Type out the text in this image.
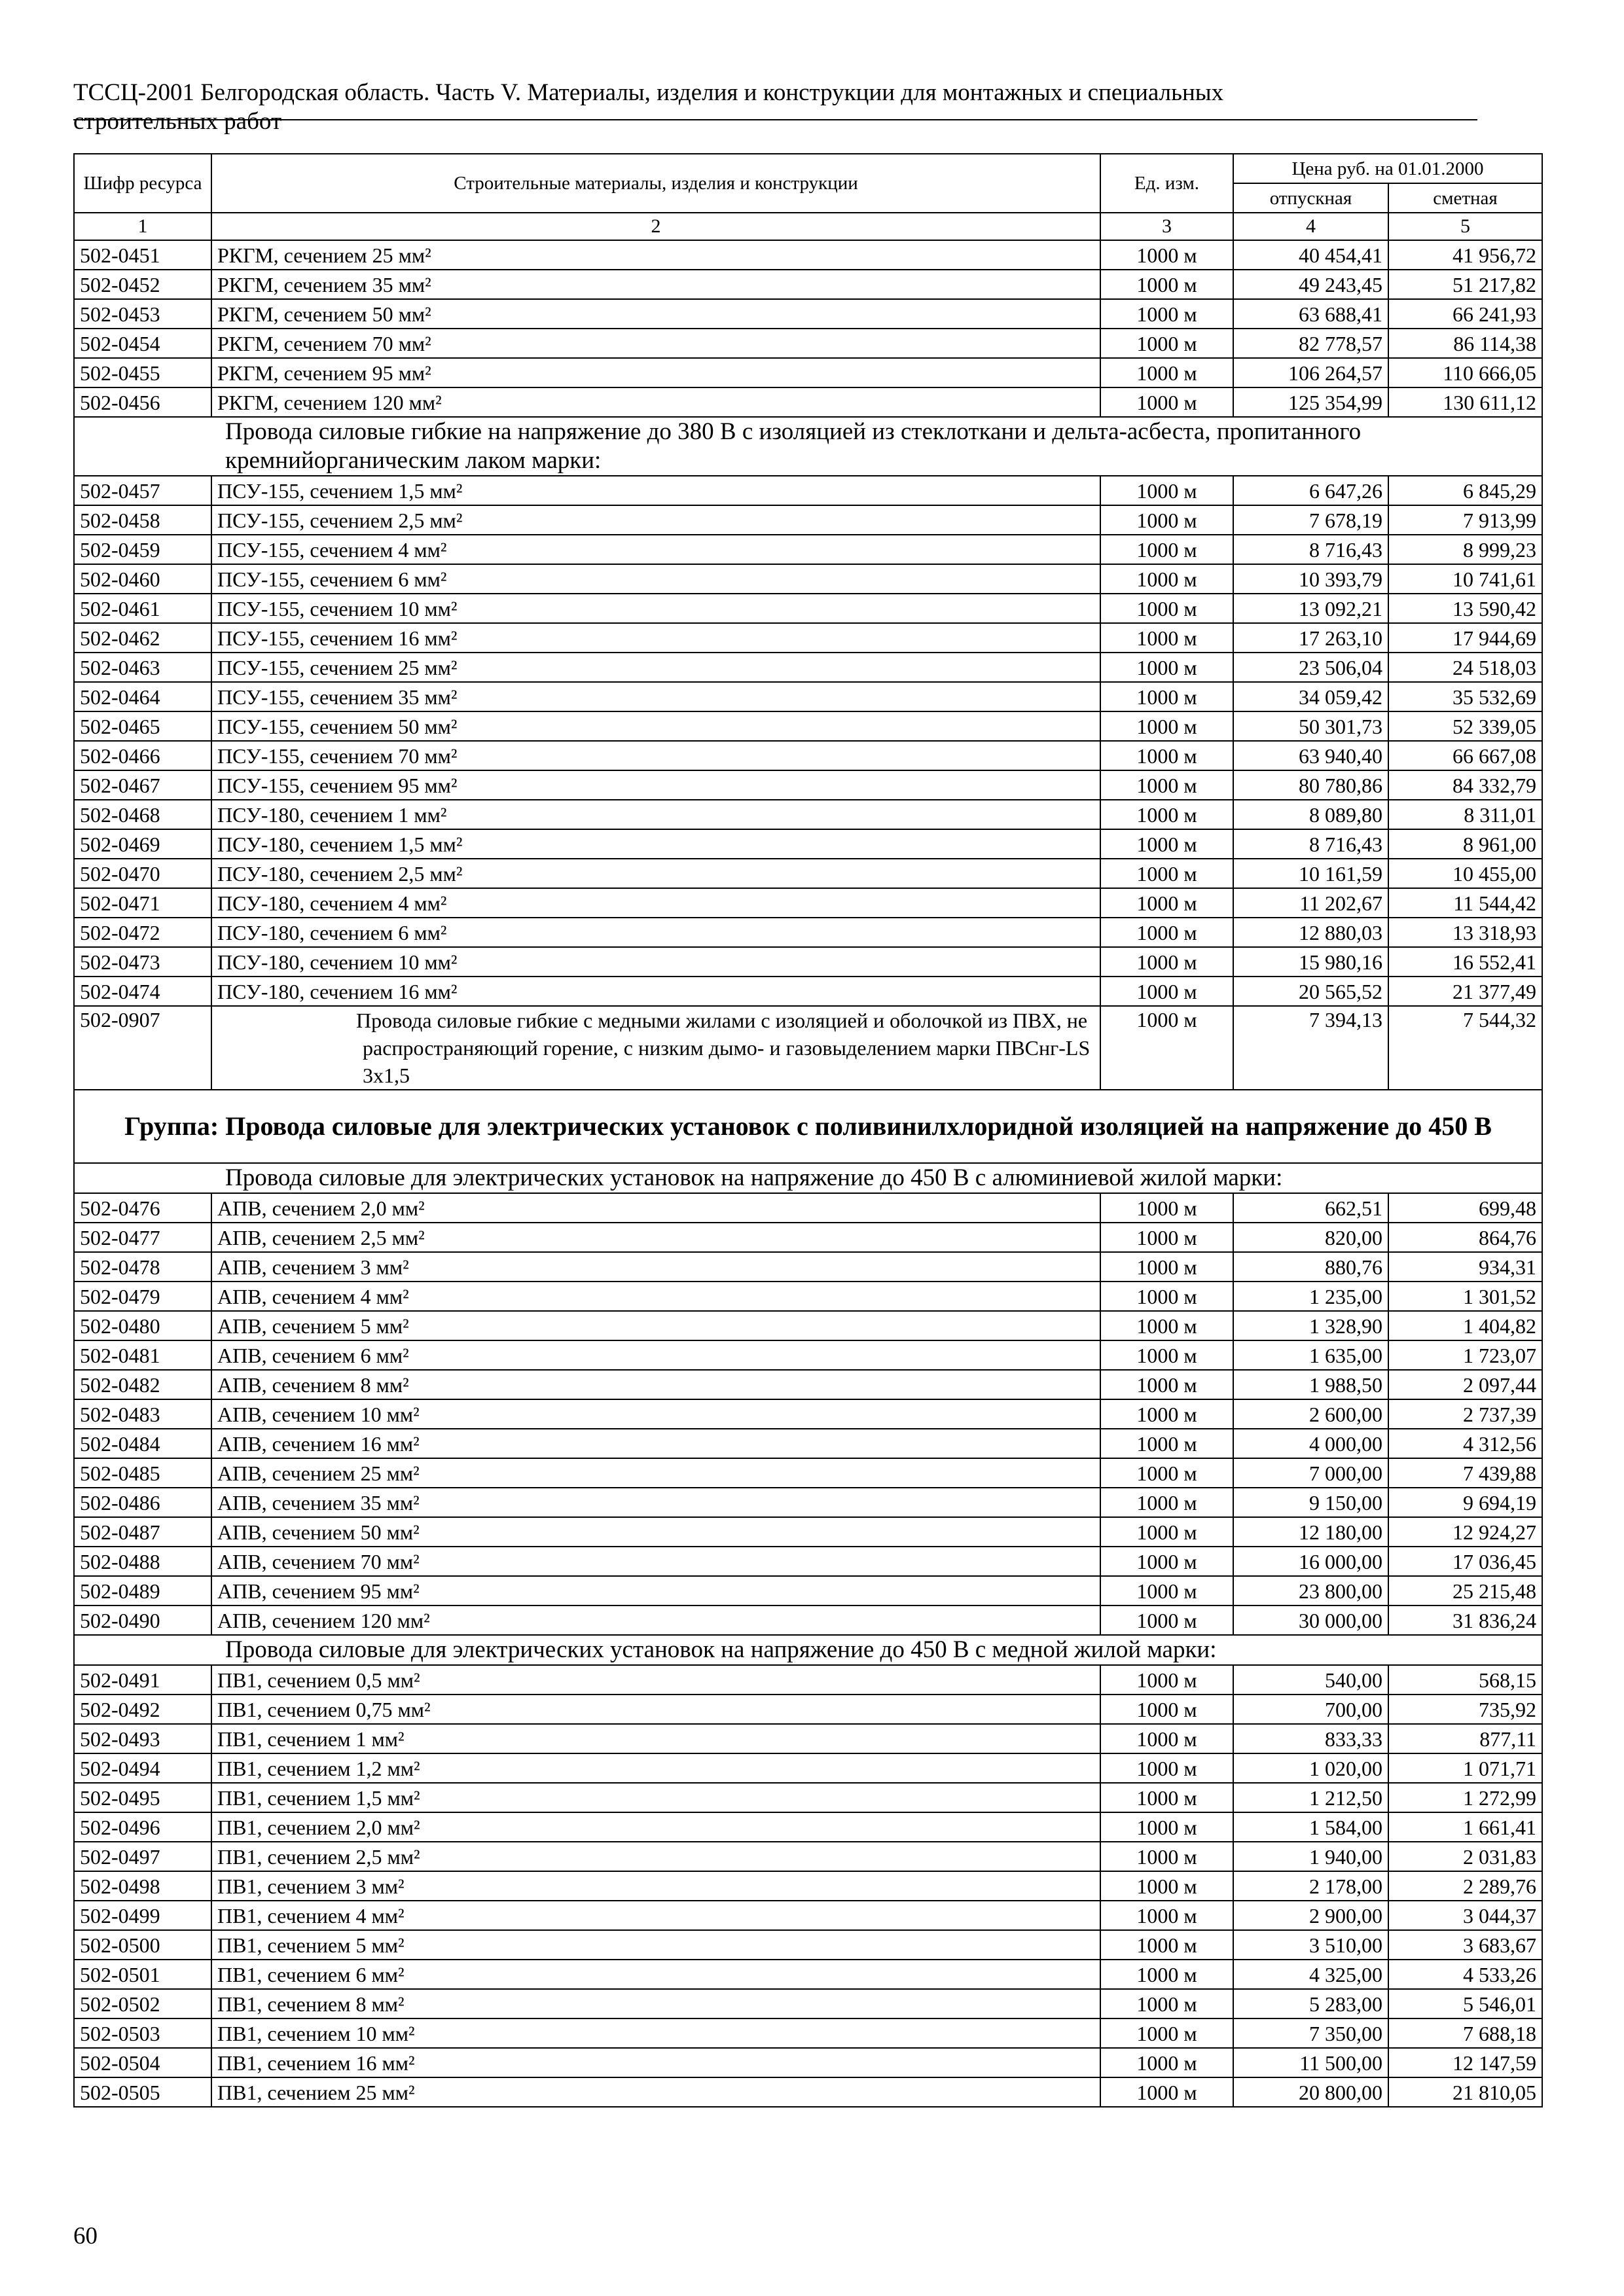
ТССЦ-2001 Белгородская область. Часть V. Материалы, изделия и конструкции для монтажных и специальных
строительных работ
Шифр ресурса	Строительные материалы, изделия и конструкции	Ед. изм.	Цена руб. на 01.01.2000	
			отпускная	сметная
1	2	3	4	5
502-0451	РКГМ, сечением 25 мм²	1000 м	40 454,41	41 956,72
502-0452	РКГМ, сечением 35 мм²	1000 м	49 243,45	51 217,82
502-0453	РКГМ, сечением 50 мм²	1000 м	63 688,41	66 241,93
502-0454	РКГМ, сечением 70 мм²	1000 м	82 778,57	86 114,38
502-0455	РКГМ, сечением 95 мм²	1000 м	106 264,57	110 666,05
502-0456	РКГМ, сечением 120 мм²	1000 м	125 354,99	130 611,12
Провода силовые гибкие на напряжение до 380 В с изоляцией из стеклоткани и дельта-асбеста, пропитанного кремнийорганическим лаком марки:				
502-0457	ПСУ-155, сечением 1,5 мм²	1000 м	6 647,26	6 845,29
502-0458	ПСУ-155, сечением 2,5 мм²	1000 м	7 678,19	7 913,99
502-0459	ПСУ-155, сечением 4 мм²	1000 м	8 716,43	8 999,23
502-0460	ПСУ-155, сечением 6 мм²	1000 м	10 393,79	10 741,61
502-0461	ПСУ-155, сечением 10 мм²	1000 м	13 092,21	13 590,42
502-0462	ПСУ-155, сечением 16 мм²	1000 м	17 263,10	17 944,69
502-0463	ПСУ-155, сечением 25 мм²	1000 м	23 506,04	24 518,03
502-0464	ПСУ-155, сечением 35 мм²	1000 м	34 059,42	35 532,69
502-0465	ПСУ-155, сечением 50 мм²	1000 м	50 301,73	52 339,05
502-0466	ПСУ-155, сечением 70 мм²	1000 м	63 940,40	66 667,08
502-0467	ПСУ-155, сечением 95 мм²	1000 м	80 780,86	84 332,79
502-0468	ПСУ-180, сечением 1 мм²	1000 м	8 089,80	8 311,01
502-0469	ПСУ-180, сечением 1,5 мм²	1000 м	8 716,43	8 961,00
502-0470	ПСУ-180, сечением 2,5 мм²	1000 м	10 161,59	10 455,00
502-0471	ПСУ-180, сечением 4 мм²	1000 м	11 202,67	11 544,42
502-0472	ПСУ-180, сечением 6 мм²	1000 м	12 880,03	13 318,93
502-0473	ПСУ-180, сечением 10 мм²	1000 м	15 980,16	16 552,41
502-0474	ПСУ-180, сечением 16 мм²	1000 м	20 565,52	21 377,49
502-0907	Провода силовые гибкие с медными жилами с изоляцией и оболочкой из ПВХ, не распространяющий горение, с низким дымо- и газовыделением марки ПВСнг-LS 3х1,5	1000 м	7 394,13	7 544,32
Группа: Провода силовые для электрических установок с поливинилхлоридной изоляцией на напряжение до 450 В				
Провода силовые для электрических установок на напряжение до 450 В с алюминиевой жилой марки:				
502-0476	АПВ, сечением 2,0 мм²	1000 м	662,51	699,48
502-0477	АПВ, сечением 2,5 мм²	1000 м	820,00	864,76
502-0478	АПВ, сечением 3 мм²	1000 м	880,76	934,31
502-0479	АПВ, сечением 4 мм²	1000 м	1 235,00	1 301,52
502-0480	АПВ, сечением 5 мм²	1000 м	1 328,90	1 404,82
502-0481	АПВ, сечением 6 мм²	1000 м	1 635,00	1 723,07
502-0482	АПВ, сечением 8 мм²	1000 м	1 988,50	2 097,44
502-0483	АПВ, сечением 10 мм²	1000 м	2 600,00	2 737,39
502-0484	АПВ, сечением 16 мм²	1000 м	4 000,00	4 312,56
502-0485	АПВ, сечением 25 мм²	1000 м	7 000,00	7 439,88
502-0486	АПВ, сечением 35 мм²	1000 м	9 150,00	9 694,19
502-0487	АПВ, сечением 50 мм²	1000 м	12 180,00	12 924,27
502-0488	АПВ, сечением 70 мм²	1000 м	16 000,00	17 036,45
502-0489	АПВ, сечением 95 мм²	1000 м	23 800,00	25 215,48
502-0490	АПВ, сечением 120 мм²	1000 м	30 000,00	31 836,24
Провода силовые для электрических установок на напряжение до 450 В с медной жилой марки:				
502-0491	ПВ1, сечением 0,5 мм²	1000 м	540,00	568,15
502-0492	ПВ1, сечением 0,75 мм²	1000 м	700,00	735,92
502-0493	ПВ1, сечением 1 мм²	1000 м	833,33	877,11
502-0494	ПВ1, сечением 1,2 мм²	1000 м	1 020,00	1 071,71
502-0495	ПВ1, сечением 1,5 мм²	1000 м	1 212,50	1 272,99
502-0496	ПВ1, сечением 2,0 мм²	1000 м	1 584,00	1 661,41
502-0497	ПВ1, сечением 2,5 мм²	1000 м	1 940,00	2 031,83
502-0498	ПВ1, сечением 3 мм²	1000 м	2 178,00	2 289,76
502-0499	ПВ1, сечением 4 мм²	1000 м	2 900,00	3 044,37
502-0500	ПВ1, сечением 5 мм²	1000 м	3 510,00	3 683,67
502-0501	ПВ1, сечением 6 мм²	1000 м	4 325,00	4 533,26
502-0502	ПВ1, сечением 8 мм²	1000 м	5 283,00	5 546,01
502-0503	ПВ1, сечением 10 мм²	1000 м	7 350,00	7 688,18
502-0504	ПВ1, сечением 16 мм²	1000 м	11 500,00	12 147,59
502-0505	ПВ1, сечением 25 мм²	1000 м	20 800,00	21 810,05
60
